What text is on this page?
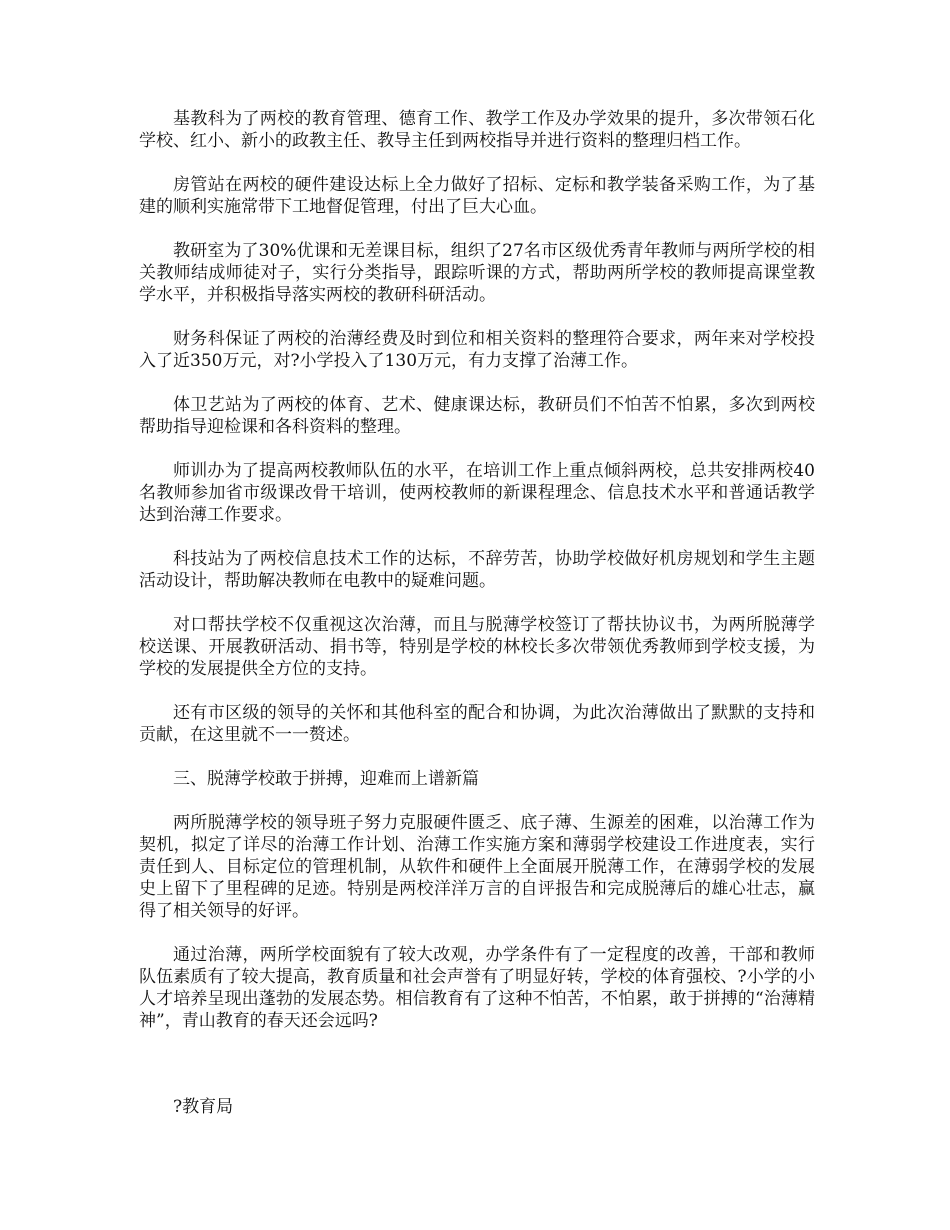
基教科为了两校的教育管理、德育工作、教学工作及办学效果的提升，多次带领石化学校、红小、新小的政教主任、教导主任到两校指导并进行资料的整理归档工作。

房管站在两校的硬件建设达标上全力做好了招标、定标和教学装备采购工作，为了基建的顺利实施常带下工地督促管理，付出了巨大心血。

教研室为了30%优课和无差课目标，组织了27名市区级优秀青年教师与两所学校的相关教师结成师徒对子，实行分类指导，跟踪听课的方式，帮助两所学校的教师提高课堂教学水平，并积极指导落实两校的教研科研活动。

财务科保证了两校的治薄经费及时到位和相关资料的整理符合要求，两年来对学校投入了近350万元，对?小学投入了130万元，有力支撑了治薄工作。

体卫艺站为了两校的体育、艺术、健康课达标，教研员们不怕苦不怕累，多次到两校帮助指导迎检课和各科资料的整理。

师训办为了提高两校教师队伍的水平，在培训工作上重点倾斜两校，总共安排两校40名教师参加省市级课改骨干培训，使两校教师的新课程理念、信息技术水平和普通话教学达到治薄工作要求。

科技站为了两校信息技术工作的达标，不辞劳苦，协助学校做好机房规划和学生主题活动设计，帮助解决教师在电教中的疑难问题。

对口帮扶学校不仅重视这次治薄，而且与脱薄学校签订了帮扶协议书，为两所脱薄学校送课、开展教研活动、捐书等，特别是学校的林校长多次带领优秀教师到学校支援，为学校的发展提供全方位的支持。

还有市区级的领导的关怀和其他科室的配合和协调，为此次治薄做出了默默的支持和贡献，在这里就不一一赘述。

三、脱薄学校敢于拼搏，迎难而上谱新篇

两所脱薄学校的领导班子努力克服硬件匮乏、底子薄、生源差的困难，以治薄工作为契机，拟定了详尽的治薄工作计划、治薄工作实施方案和薄弱学校建设工作进度表，实行责任到人、目标定位的管理机制，从软件和硬件上全面展开脱薄工作，在薄弱学校的发展史上留下了里程碑的足迹。特别是两校洋洋万言的自评报告和完成脱薄后的雄心壮志，赢得了相关领导的好评。

通过治薄，两所学校面貌有了较大改观，办学条件有了一定程度的改善，干部和教师队伍素质有了较大提高，教育质量和社会声誉有了明显好转，学校的体育强校、?小学的小人才培养呈现出蓬勃的发展态势。相信教育有了这种不怕苦，不怕累，敢于拼搏的“治薄精神”，青山教育的春天还会远吗?

?教育局
